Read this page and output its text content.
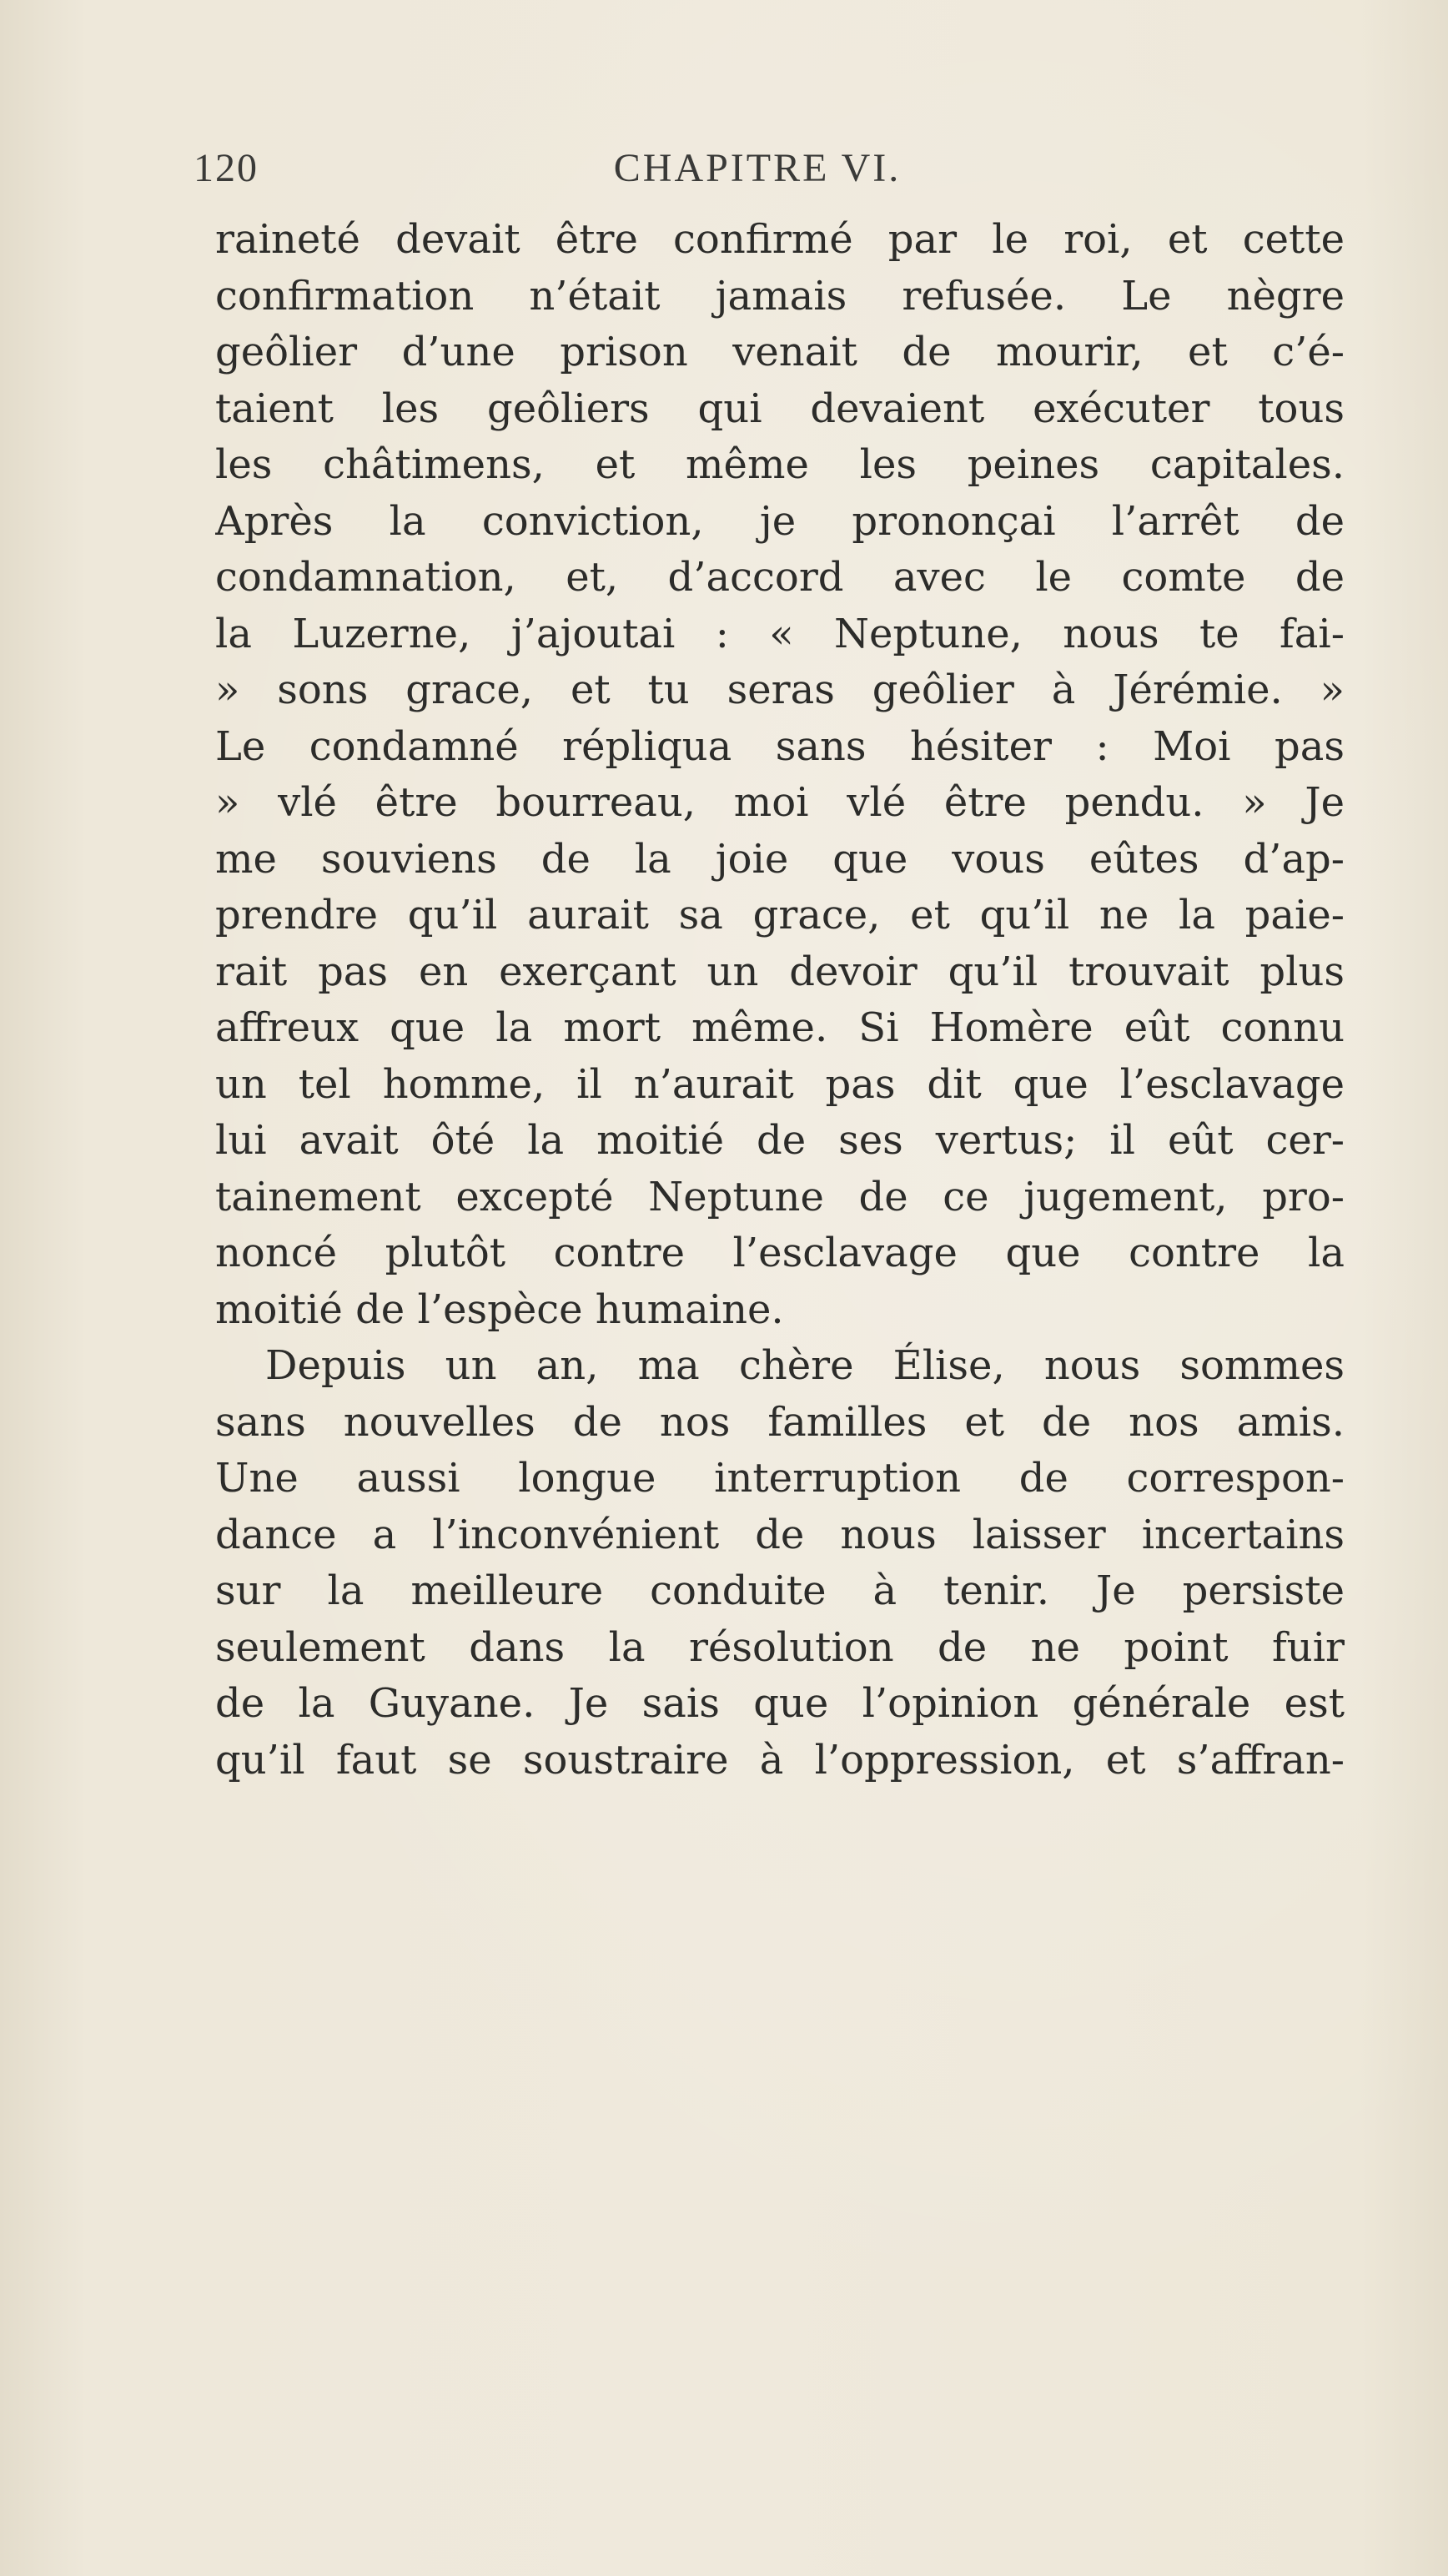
120	CHAPITRE VI.
raineté devait être confirmé par le roi, et cette
confirmation n’était jamais refusée. Le nègre
geôlier d’une prison venait de mourir, et c’é-
taient les geôliers qui devaient exécuter tous
les châtimens, et même les peines capitales.
Après la conviction, je prononçai l’arrêt de
condamnation, et, d’accord avec le comte de
la Luzerne, j’ajoutai : « Neptune, nous te fai-
» sons grace, et tu seras geôlier à Jérémie. »
Le condamné répliqua sans hésiter : Moi pas
» vlé être bourreau, moi vlé être pendu. » Je
me souviens de la joie que vous eûtes d’ap-
prendre qu’il aurait sa grace, et qu’il ne la paie-
rait pas en exerçant un devoir qu’il trouvait plus
affreux que la mort même. Si Homère eût connu
un tel homme, il n’aurait pas dit que l’esclavage
lui avait ôté la moitié de ses vertus; il eût cer-
tainement excepté Neptune de ce jugement, pro-
noncé plutôt contre l’esclavage que contre la
moitié de l’espèce humaine.
Depuis un an, ma chère Élise, nous sommes
sans nouvelles de nos familles et de nos amis.
Une aussi longue interruption de correspon-
dance a l’inconvénient de nous laisser incertains
sur la meilleure conduite à tenir. Je persiste
seulement dans la résolution de ne point fuir
de la Guyane. Je sais que l’opinion générale est
qu’il faut se soustraire à l’oppression, et s’affran-
